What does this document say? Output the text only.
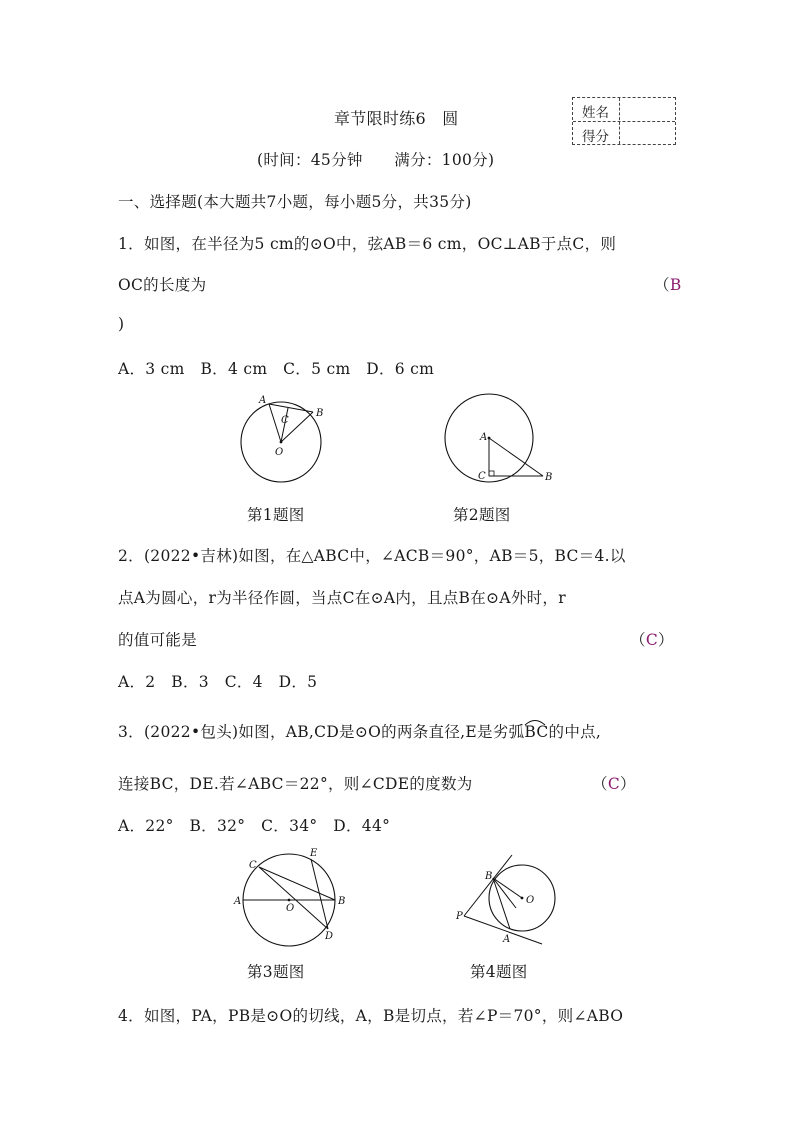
章节限时练6　圆	姓名
得分
(时间：45分钟　　满分：100分)
一、选择题(本大题共7小题，每小题5分，共35分)
1．如图，在半径为5 cm的⊙O中，弦AB＝6 cm，OC⊥AB于点C，则
OC的长度为	（B
)
A．3 cm　B．4 cm　C．5 cm　D．6 cm
A
B
C
O
第1题图
A
C	B
第2题图
2．(2022•吉林)如图，在△ABC中，∠ACB＝90°，AB＝5，BC＝4.以
点A为圆心，r为半径作圆，当点C在⊙A内，且点B在⊙A外时，r
的值可能是	（C）
A．2　B．3　C．4　D．5
3．(2022•包头)如图，AB,CD是⊙O的两条直径,E是劣弧
BC的中点,
连接BC，DE.若∠ABC＝22°，则∠CDE的度数为	（C）
A．22°　B．32°　C．34°　D．44°
C
E
A
O
B
D
第3题图
B
O
P
A
第4题图
4．如图，PA，PB是⊙O的切线，A，B是切点，若∠P＝70°，则∠ABO
